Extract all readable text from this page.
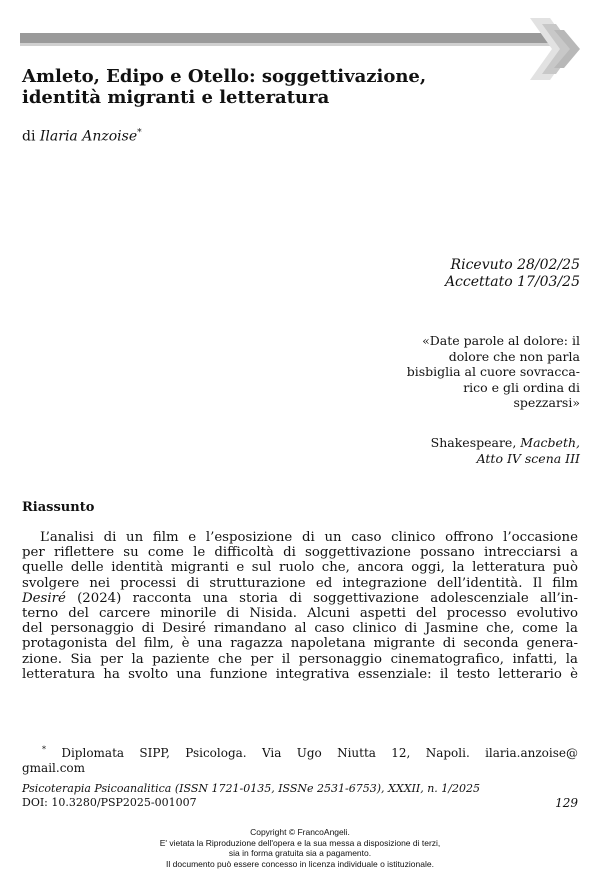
Amleto, Edipo e Otello: soggettivazione,
identità migranti e letteratura
di Ilaria Anzoise*
Ricevuto 28/02/25
Accettato 17/03/25
«Date parole al dolore: il
dolore che non parla
bisbiglia al cuore sovracca-
rico e gli ordina di
spezzarsi»
Shakespeare, Macbeth,
Atto IV scena III
Riassunto
L’analisi di un film e l’esposizione di un caso clinico offrono l’occasione
per riflettere su come le difficoltà di soggettivazione possano intrecciarsi a
quelle delle identità migranti e sul ruolo che, ancora oggi, la letteratura può
svolgere nei processi di strutturazione ed integrazione dell’identità. Il film
Desiré (2024) racconta una storia di soggettivazione adolescenziale all’in-
terno del carcere minorile di Nisida. Alcuni aspetti del processo evolutivo
del personaggio di Desiré rimandano al caso clinico di Jasmine che, come la
protagonista del film, è una ragazza napoletana migrante di seconda genera-
zione. Sia per la paziente che per il personaggio cinematografico, infatti, la
letteratura ha svolto una funzione integrativa essenziale: il testo letterario è
* Diplomata SIPP, Psicologa. Via Ugo Niutta 12, Napoli. ilaria.anzoise@
gmail.com
Psicoterapia Psicoanalitica (ISSN 1721-0135, ISSNe 2531-6753), XXXII, n. 1/2025
DOI: 10.3280/PSP2025-001007	129
Copyright © FrancoAngeli.
E' vietata la Riproduzione dell'opera e la sua messa a disposizione di terzi,
sia in forma gratuita sia a pagamento.
Il documento può essere concesso in licenza individuale o istituzionale.
